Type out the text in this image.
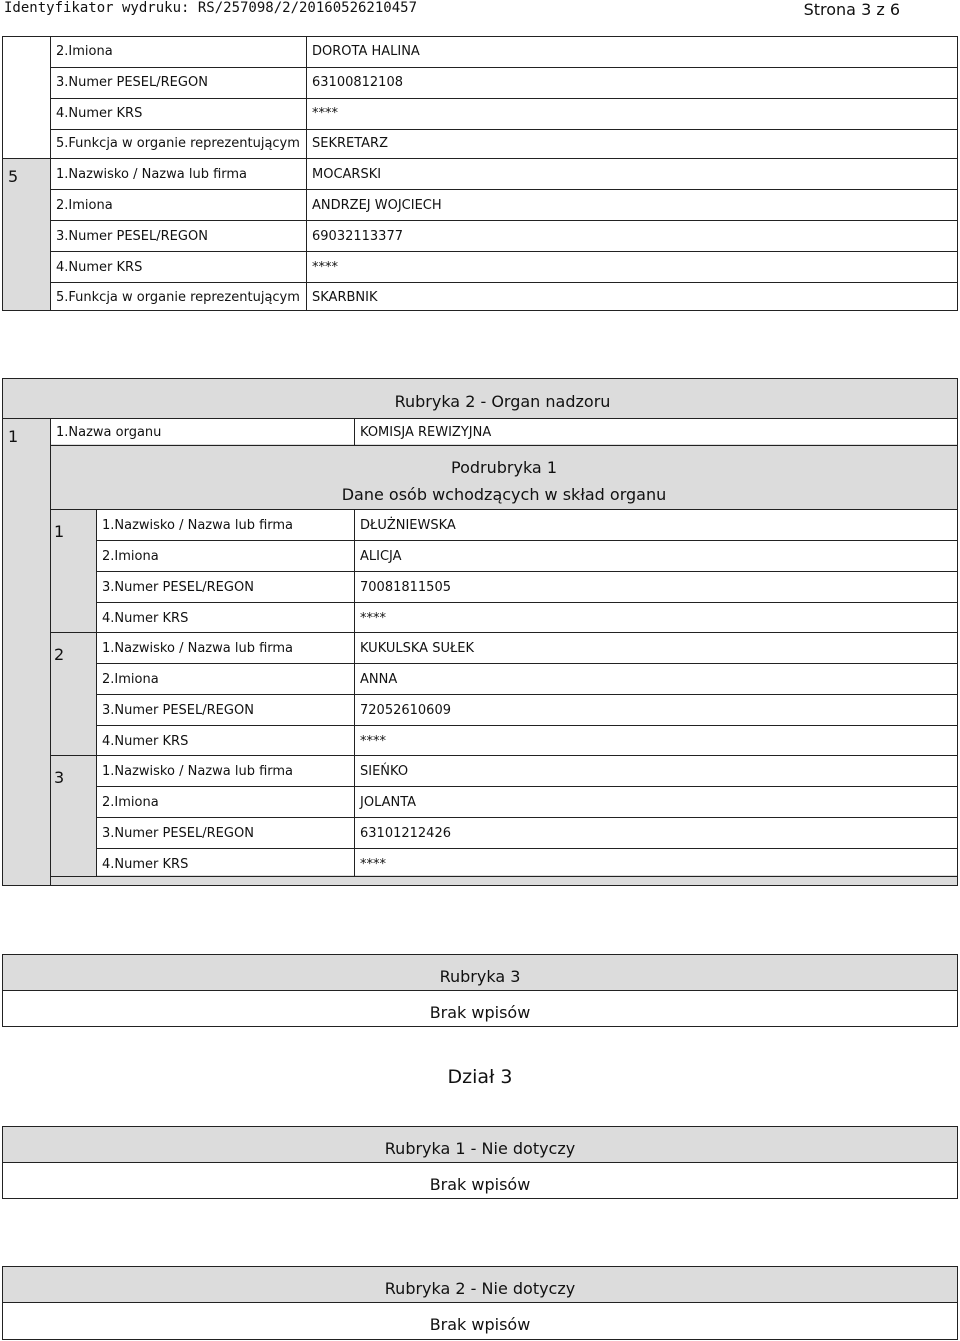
Identyfikator wydruku: RS/257098/2/20160526210457	Strona 3 z 6
2.Imiona	DOROTA HALINA
3.Numer PESEL/REGON	63100812108
4.Numer KRS	****
5.Funkcja w organie reprezentującym SEKRETARZ
5	1.Nazwisko / Nazwa lub firma	MOCARSKI
2.Imiona	ANDRZEJ WOJCIECH
3.Numer PESEL/REGON	69032113377
4.Numer KRS	****
5.Funkcja w organie reprezentującym SKARBNIK
Rubryka 2 - Organ nadzoru
1	1.Nazwa organu	KOMISJA REWIZYJNA
Podrubryka 1
Dane osób wchodzących w skład organu
1	1.Nazwisko / Nazwa lub firma	DŁUŻNIEWSKA
2.Imiona	ALICJA
3.Numer PESEL/REGON	70081811505
4.Numer KRS	****
2	1.Nazwisko / Nazwa lub firma	KUKULSKA SUŁEK
2.Imiona	ANNA
3.Numer PESEL/REGON	72052610609
4.Numer KRS	****
3	1.Nazwisko / Nazwa lub firma	SIEŃKO
2.Imiona	JOLANTA
3.Numer PESEL/REGON	63101212426
4.Numer KRS	****
Rubryka 3
Brak wpisów
Dział 3
Rubryka 1 - Nie dotyczy
Brak wpisów
Rubryka 2 - Nie dotyczy
Brak wpisów
